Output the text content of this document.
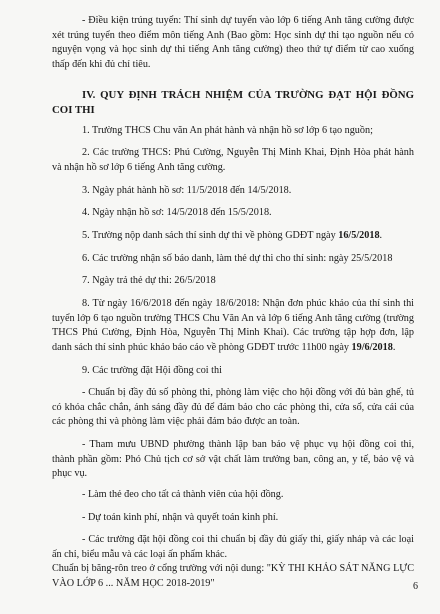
- Điều kiện trúng tuyển: Thí sinh dự tuyển vào lớp 6 tiếng Anh tăng cường được xét trúng tuyển theo điểm môn tiếng Anh (Bao gồm: Học sinh dự thi tạo nguồn nếu có nguyện vọng và học sinh dự thi tiếng Anh tăng cường) theo thứ tự điểm từ cao xuống thấp đến khi đủ chỉ tiêu.
IV. QUY ĐỊNH TRÁCH NHIỆM CỦA TRƯỜNG ĐẠT HỘI ĐỒNG COI THI
1. Trường THCS Chu văn An phát hành và nhận hồ sơ lớp 6 tạo nguồn;
2. Các trường THCS: Phú Cường, Nguyễn Thị Minh Khai, Định Hòa phát hành và nhận hồ sơ lớp 6 tiếng Anh tăng cường.
3. Ngày phát hành hồ sơ: 11/5/2018 đến 14/5/2018.
4. Ngày nhận hồ sơ: 14/5/2018 đến 15/5/2018.
5. Trường nộp danh sách thí sinh dự thi về phòng GDĐT ngày 16/5/2018.
6. Các trường nhận số báo danh, làm thẻ dự thi cho thí sinh: ngày 25/5/2018
7. Ngày trả thẻ dự thi: 26/5/2018
8. Từ ngày 16/6/2018 đến ngày 18/6/2018: Nhận đơn phúc khảo của thí sinh thi tuyển lớp 6 tạo nguồn trường THCS Chu Văn An và lớp 6 tiếng Anh tăng cường (trường THCS Phú Cường, Định Hòa, Nguyễn Thị Minh Khai). Các trường tập hợp đơn, lập danh sách thí sinh phúc khảo báo cáo về phòng GDĐT trước 11h00 ngày 19/6/2018.
9. Các trường đặt Hội đồng coi thi
- Chuẩn bị đầy đủ số phòng thi, phòng làm việc cho hội đồng với đủ bàn ghế, tủ có khóa chắc chắn, ánh sáng đầy đủ để đảm bảo cho các phòng thi, cửa sổ, cửa cái của các phòng thi và phòng làm việc phải đảm bảo được an toàn.
- Tham mưu UBND phường thành lập ban bảo vệ phục vụ hội đồng coi thi, thành phần gồm: Phó Chủ tịch cơ sở vật chất làm trưởng ban, công an, y tế, bảo vệ và phục vụ.
- Làm thẻ đeo cho tất cả thành viên của hội đồng.
- Dự toán kinh phí, nhận và quyết toán kinh phí.
- Các trường đặt hội đồng coi thi chuẩn bị đầy đủ giấy thi, giấy nháp và các loại ấn chỉ, biểu mẫu và các loại ấn phẩm khác.
Chuẩn bị băng-rôn treo ở cổng trường với nội dung: "KỲ THI KHẢO SÁT NĂNG LỰC VÀO LỚP 6 ... NĂM HỌC 2018-2019"	6
